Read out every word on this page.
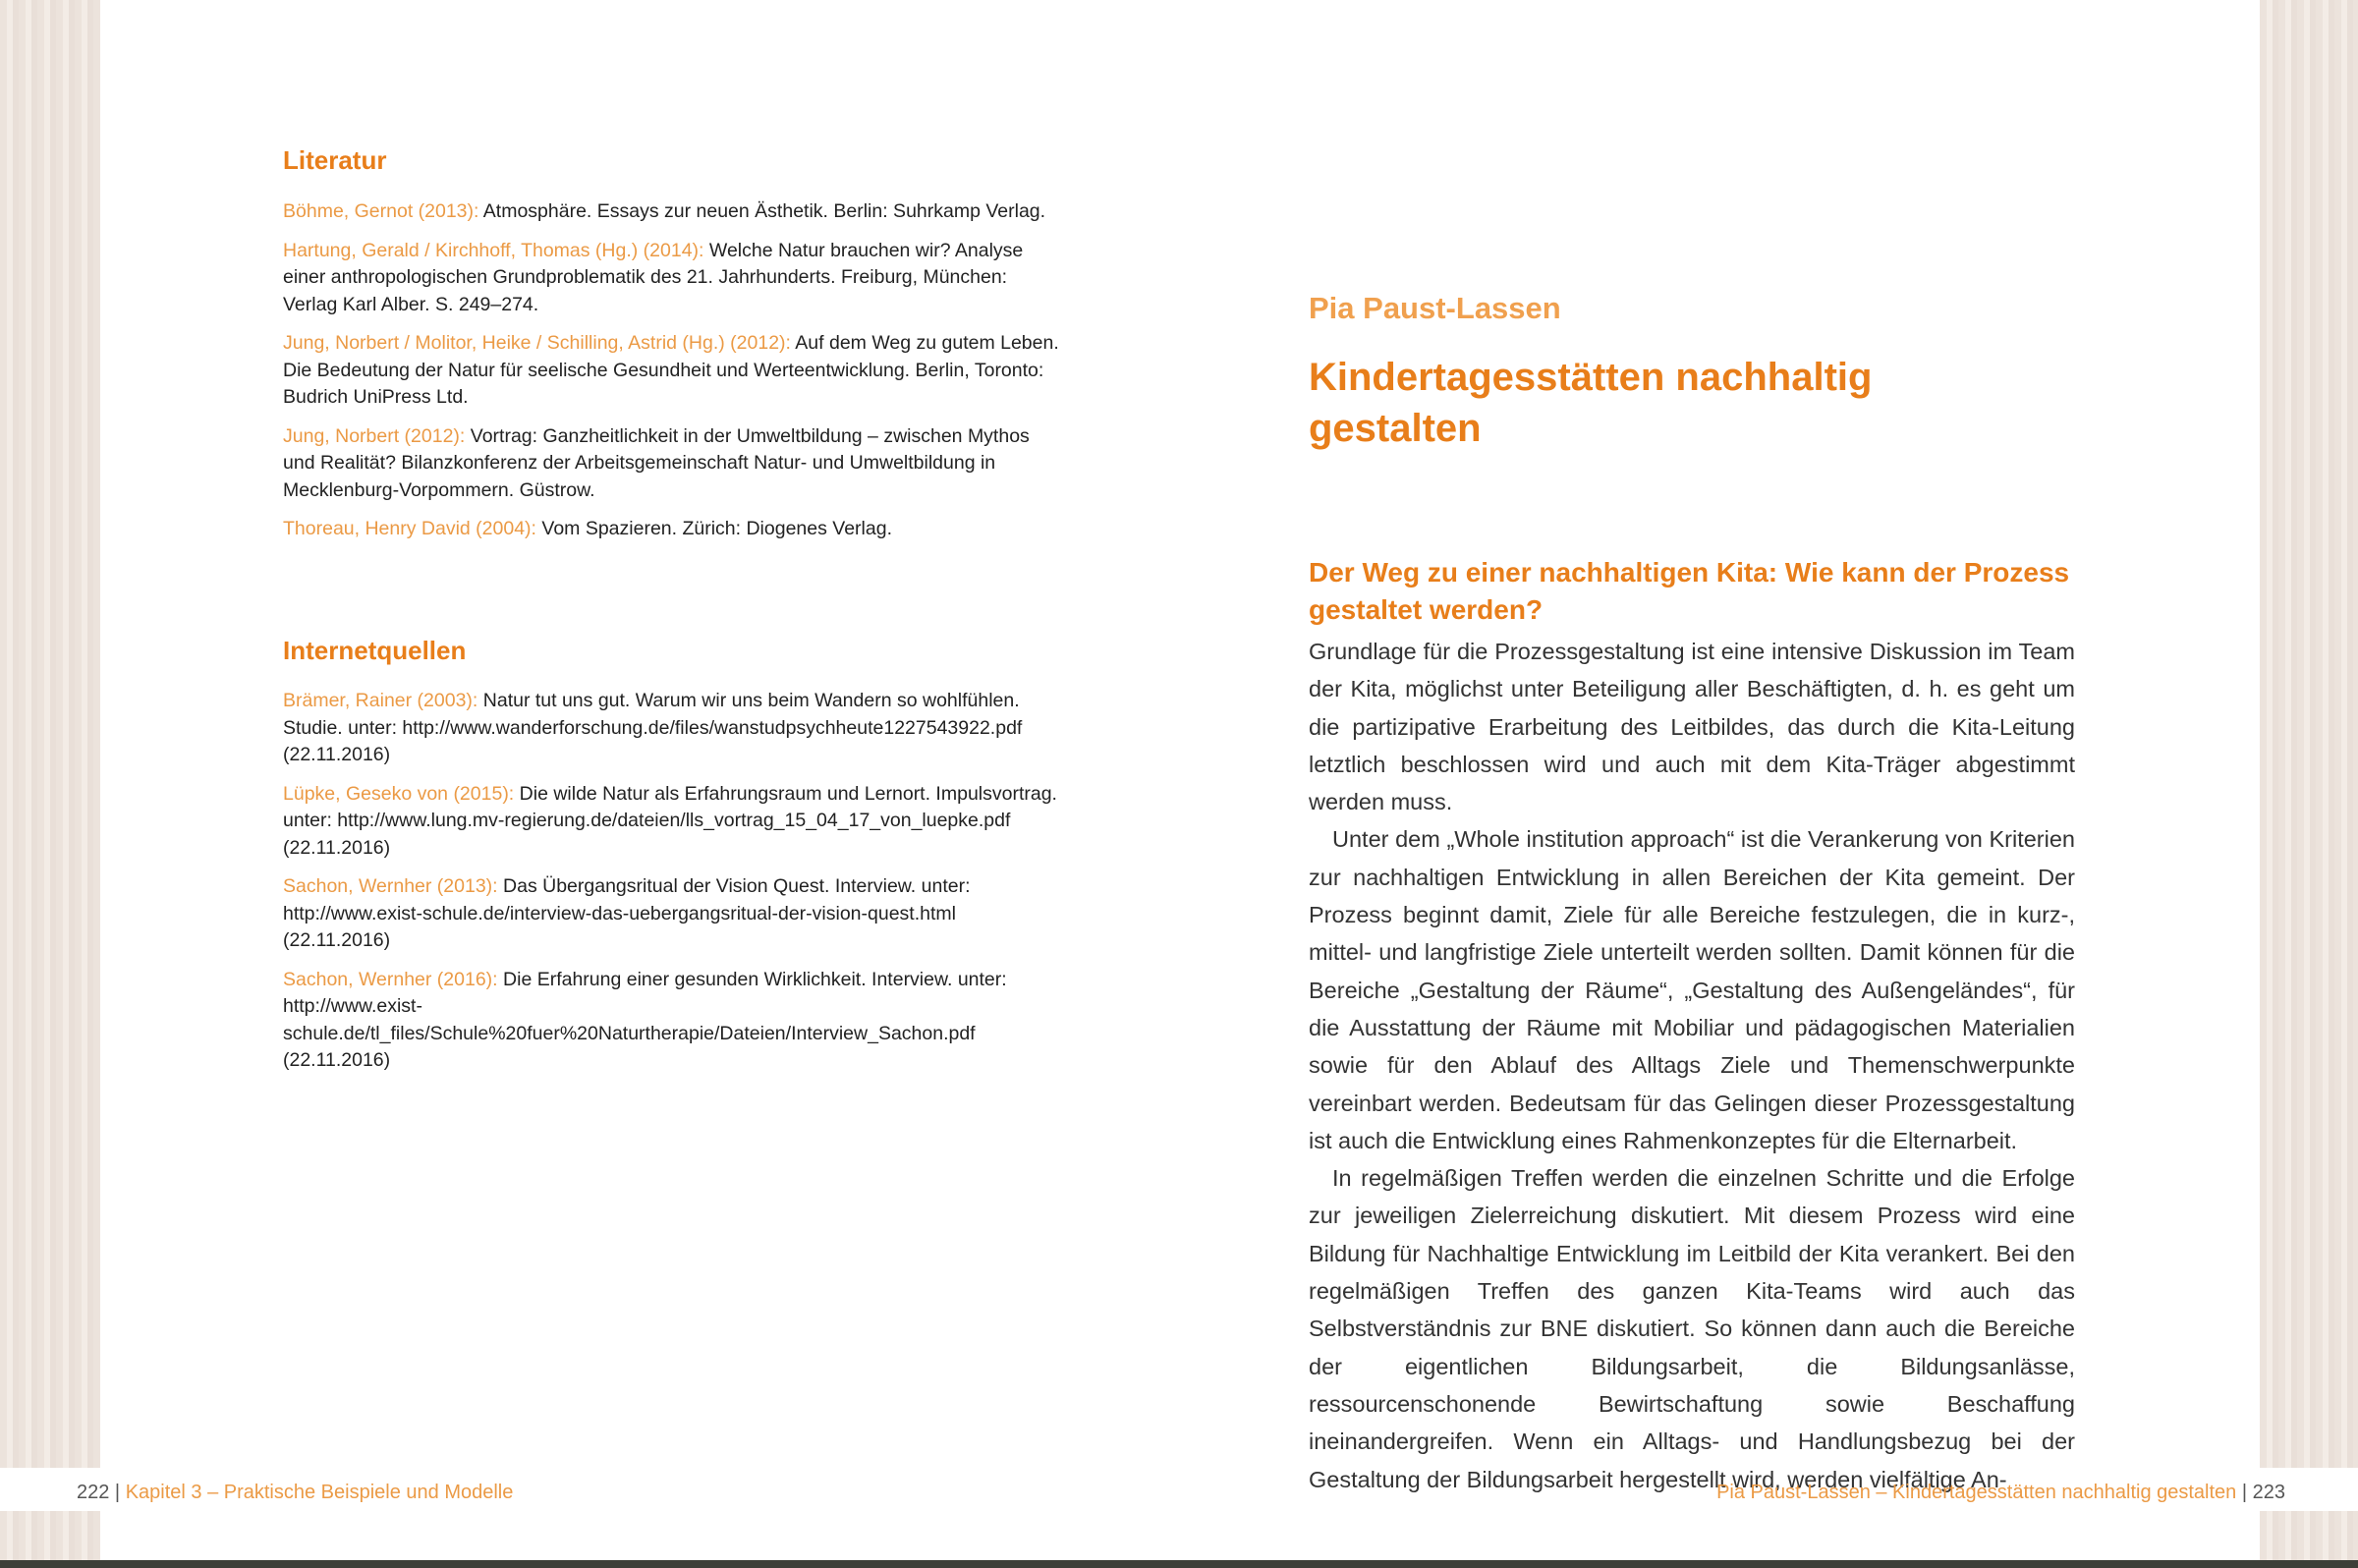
Literatur

Böhme, Gernot (2013): Atmosphäre. Essays zur neuen Ästhetik. Berlin: Suhrkamp Verlag.

Hartung, Gerald / Kirchhoff, Thomas (Hg.) (2014): Welche Natur brauchen wir? Analyse einer anthropologischen Grundproblematik des 21. Jahrhunderts. Freiburg, München: Verlag Karl Alber. S. 249–274.

Jung, Norbert / Molitor, Heike / Schilling, Astrid (Hg.) (2012): Auf dem Weg zu gutem Leben. Die Bedeutung der Natur für seelische Gesundheit und Werteentwicklung. Berlin, Toronto: Budrich UniPress Ltd.

Jung, Norbert (2012): Vortrag: Ganzheitlichkeit in der Umweltbildung – zwischen Mythos und Realität? Bilanzkonferenz der Arbeitsgemeinschaft Natur- und Umweltbildung in Mecklenburg-Vorpommern. Güstrow.

Thoreau, Henry David (2004): Vom Spazieren. Zürich: Diogenes Verlag.

Internetquellen

Brämer, Rainer (2003): Natur tut uns gut. Warum wir uns beim Wandern so wohlfühlen. Studie. unter: http://www.wanderforschung.de/files/wanstudpsychheute1227543922.pdf (22.11.2016)

Lüpke, Geseko von (2015): Die wilde Natur als Erfahrungsraum und Lernort. Impulsvortrag. unter: http://www.lung.mv-regierung.de/dateien/lls_vortrag_15_04_17_von_luepke.pdf (22.11.2016)

Sachon, Wernher (2013): Das Übergangsritual der Vision Quest. Interview. unter: http://www.exist-schule.de/interview-das-uebergangsritual-der-vision-quest.html (22.11.2016)

Sachon, Wernher (2016): Die Erfahrung einer gesunden Wirklichkeit. Interview. unter: http://www.exist-schule.de/tl_files/Schule%20fuer%20Naturtherapie/Dateien/Interview_Sachon.pdf (22.11.2016)

222 | Kapitel 3 – Praktische Beispiele und Modelle
Pia Paust-Lassen
Kindertagesstätten nachhaltig gestalten
Der Weg zu einer nachhaltigen Kita: Wie kann der Prozess gestaltet werden?

Grundlage für die Prozessgestaltung ist eine intensive Diskussion im Team der Kita, möglichst unter Beteiligung aller Beschäftigten, d. h. es geht um die partizipative Erarbeitung des Leitbildes, das durch die Kita-Leitung letztlich beschlossen wird und auch mit dem Kita-Träger abgestimmt werden muss.

Unter dem „Whole institution approach“ ist die Verankerung von Kriterien zur nachhaltigen Entwicklung in allen Bereichen der Kita gemeint. Der Prozess beginnt damit, Ziele für alle Bereiche festzulegen, die in kurz-, mittel- und langfristige Ziele unterteilt werden sollten. Damit können für die Bereiche „Gestaltung der Räume“, „Gestaltung des Außengeländes“, für die Ausstattung der Räume mit Mobiliar und pädagogischen Materialien sowie für den Ablauf des Alltags Ziele und Themenschwerpunkte vereinbart werden. Bedeutsam für das Gelingen dieser Prozessgestaltung ist auch die Entwicklung eines Rahmenkonzeptes für die Elternarbeit.

In regelmäßigen Treffen werden die einzelnen Schritte und die Erfolge zur jeweiligen Zielerreichung diskutiert. Mit diesem Prozess wird eine Bildung für Nachhaltige Entwicklung im Leitbild der Kita verankert. Bei den regelmäßigen Treffen des ganzen Kita-Teams wird auch das Selbstverständnis zur BNE diskutiert. So können dann auch die Bereiche der eigentlichen Bildungsarbeit, die Bildungsanlässe, ressourcenschonende Bewirtschaftung sowie Beschaffung ineinandergreifen. Wenn ein Alltags- und Handlungsbezug bei der Gestaltung der Bildungsarbeit hergestellt wird, werden vielfältige An-

Pia Paust-Lassen – Kindertagesstätten nachhaltig gestalten | 223
